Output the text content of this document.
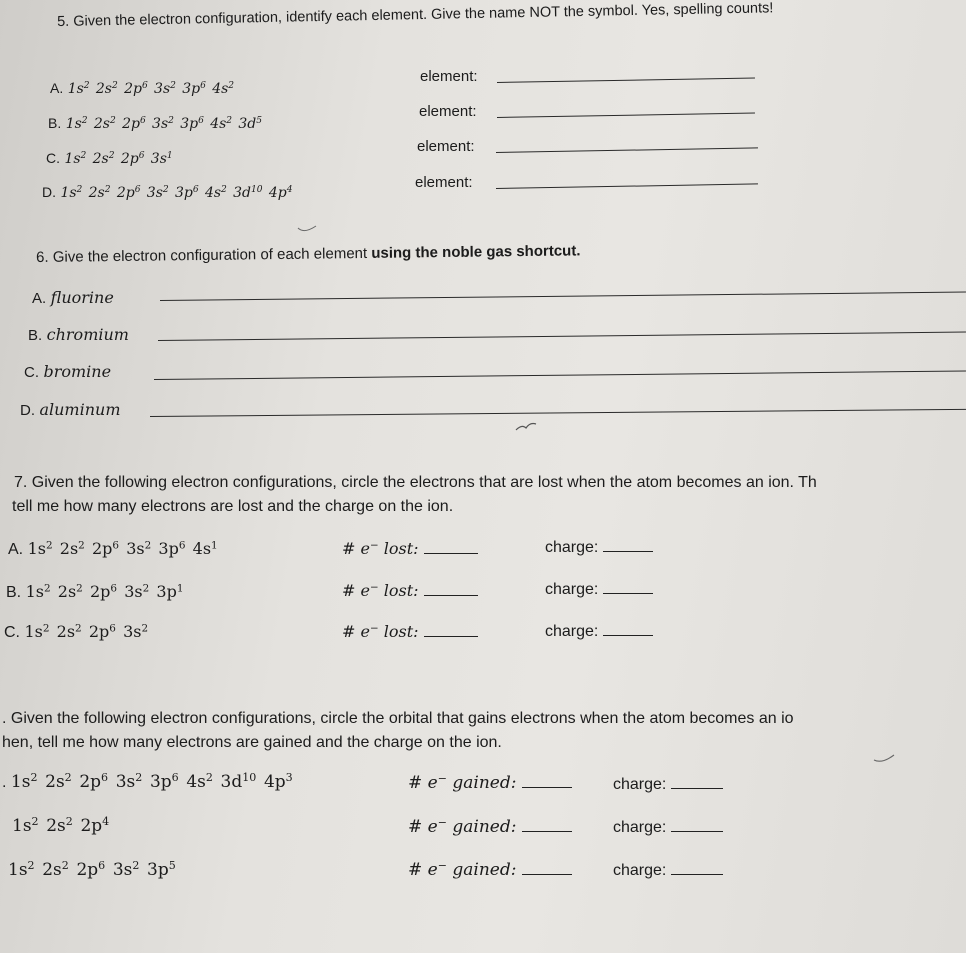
5. Given the electron configuration, identify each element. Give the name NOT the symbol. Yes, spelling counts!
A. $1s^2$ $2s^2$ $2p^6$ $3s^2$ $3p^6$ $4s^2$
B. $1s^2$ $2s^2$ $2p^6$ $3s^2$ $3p^6$ $4s^2$ $3d^5$
C. $1s^2$ $2s^2$ $2p^6$ $3s^1$
D. $1s^2$ $2s^2$ $2p^6$ $3s^2$ $3p^6$ $4s^2$ $3d^{10}$ $4p^4$
element:
element:
element:
element:
6. Give the electron configuration of each element using the noble gas shortcut.
A. fluorine
B. chromium
C. bromine
D. aluminum
7. Given the following electron configurations, circle the electrons that are lost when the atom becomes an ion. Th
tell me how many electrons are lost and the charge on the ion.
A. $1s^2$ $2s^2$ $2p^6$ $3s^2$ $3p^6$ $4s^1$
B. $1s^2$ $2s^2$ $2p^6$ $3s^2$ $3p^1$
C. $1s^2$ $2s^2$ $2p^6$ $3s^2$
# e− lost:
# e− lost:
# e− lost:
charge:
charge:
charge:
. Given the following electron configurations, circle the orbital that gains electrons when the atom becomes an io
hen, tell me how many electrons are gained and the charge on the ion.
. $1s^2$ $2s^2$ $2p^6$ $3s^2$ $3p^6$ $4s^2$ $3d^{10}$ $4p^3$
$1s^2$ $2s^2$ $2p^4$
$1s^2$ $2s^2$ $2p^6$ $3s^2$ $3p^5$
# e− gained:
# e− gained:
# e− gained:
charge:
charge:
charge:
